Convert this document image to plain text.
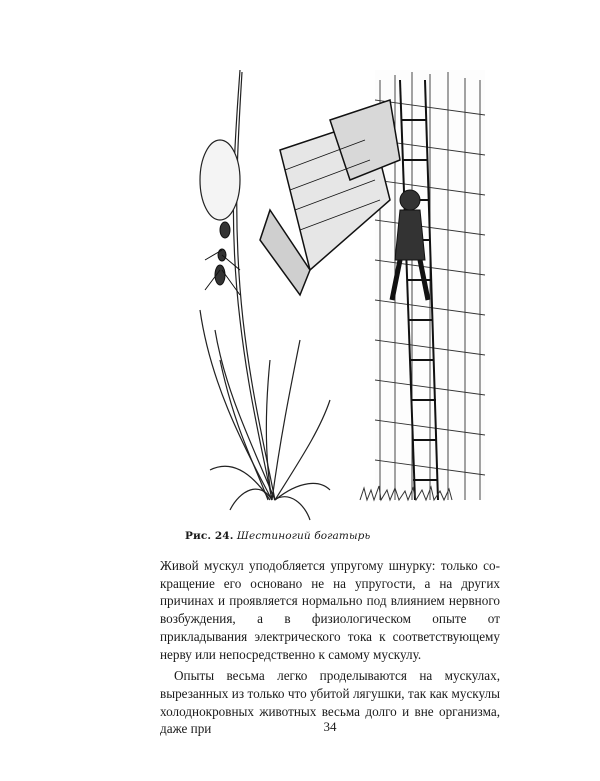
Рис. 24. Шестиногий богатырь

Живой мускул уподобляется упругому шнурку: только сокращение его основано не на упругости, а на других причинах и проявляется нормально под влиянием нервного возбуждения, а в физиологическом опыте от прикладывания электрического тока к соответствующему нерву или непосредственно к самому мускулу.

Опыты весьма легко проделываются на мускулах, вырезанных из только что убитой лягушки, так как мускулы холоднокровных животных весьма долго и вне организма, даже при	34
